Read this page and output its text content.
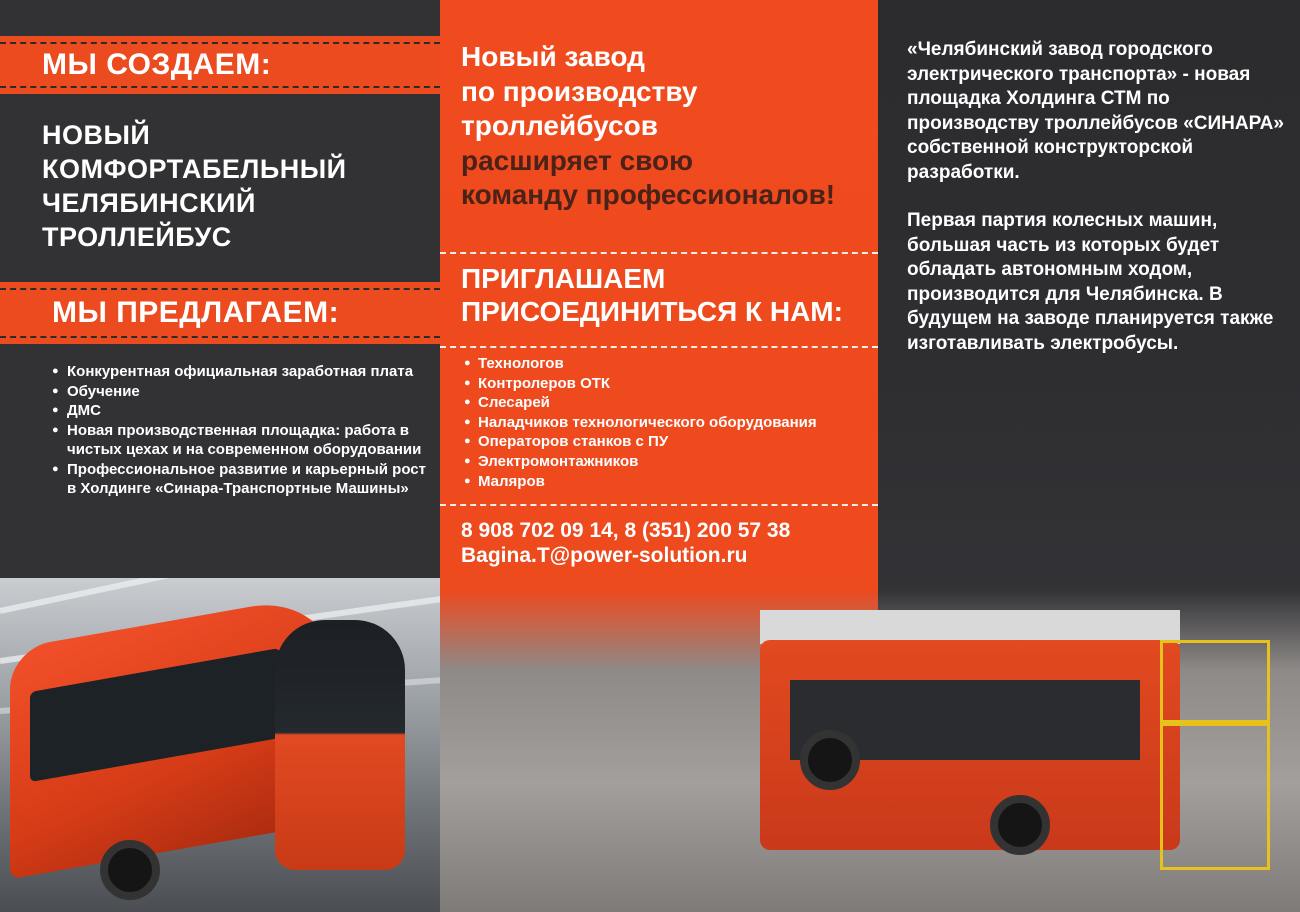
МЫ СОЗДАЕМ:
НОВЫЙ
КОМФОРТАБЕЛЬНЫЙ
ЧЕЛЯБИНСКИЙ
ТРОЛЛЕЙБУС
МЫ ПРЕДЛАГАЕМ:
● Конкурентная официальная заработная плата
● Обучение
● ДМС
● Новая производственная площадка: работа в чистых цехах и на современном оборудовании
● Профессиональное развитие и карьерный рост в Холдинге «Синара-Транспортные Машины»
Новый завод
по производству
троллейбусов
расширяет свою
команду профессионалов!
ПРИГЛАШАЕМ
ПРИСОЕДИНИТЬСЯ К НАМ:
● Технологов
● Контролеров ОТК
● Слесарей
● Наладчиков технологического оборудования
● Операторов станков с ПУ
● Электромонтажников
● Маляров
8 908 702 09 14, 8 (351) 200 57 38
Bagina.T@power-solution.ru

«Челябинский завод городского электрического транспорта» - новая площадка Холдинга СТМ по производству троллейбусов «СИНАРА» собственной конструкторской разработки.

Первая партия колесных машин, большая часть из которых будет обладать автономным ходом, производится для Челябинска. В будущем на заводе планируется также изготавливать электробусы.
